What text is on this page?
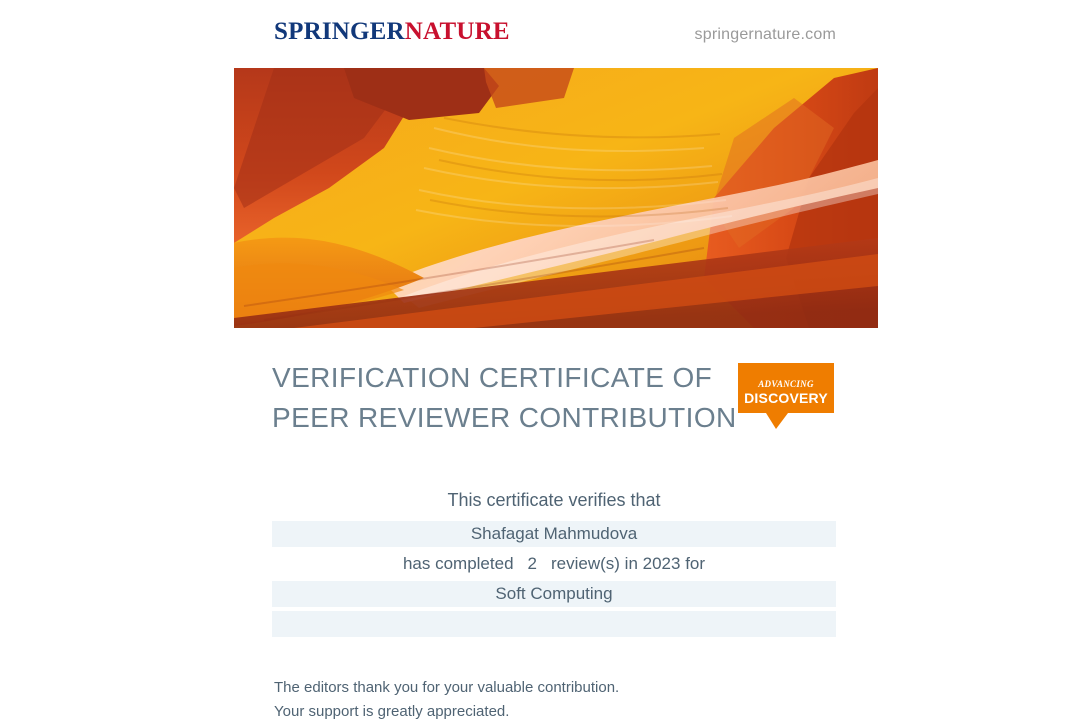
SPRINGERNATURE	springernature.com
VERIFICATION CERTIFICATE OF
PEER REVIEWER CONTRIBUTION
ADVANCING
DISCOVERY
This certificate verifies that
Shafagat Mahmudova
has completed 2 review(s) in 2023 for
Soft Computing
The editors thank you for your valuable contribution.
Your support is greatly appreciated.
